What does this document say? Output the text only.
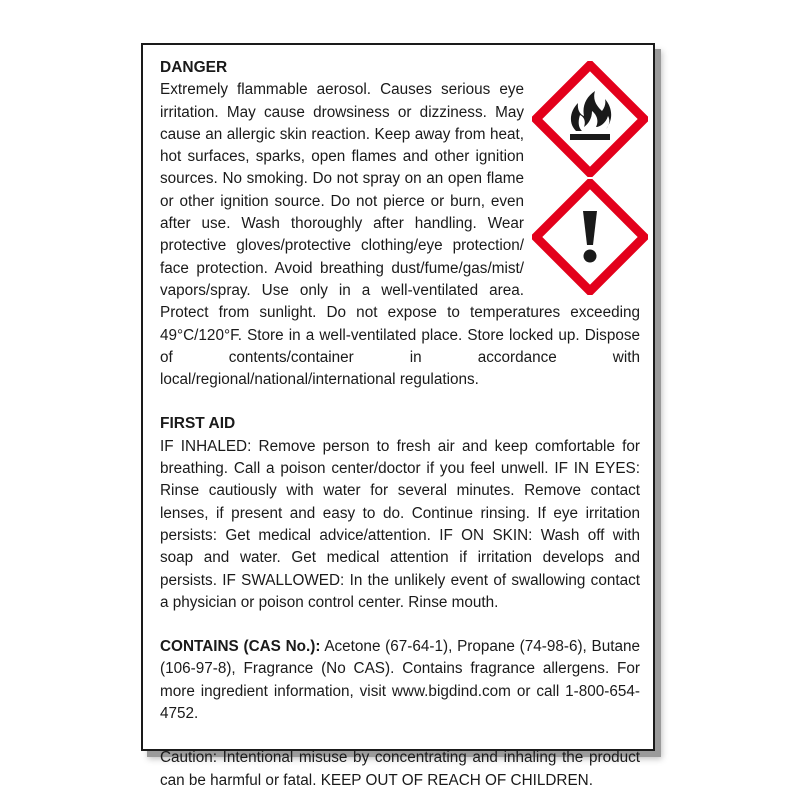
DANGER

Extremely flammable aerosol. Causes serious eye irritation. May cause drowsiness or dizziness. May cause an allergic skin reaction. Keep away from heat, hot surfaces, sparks, open flames and other ignition sources. No smoking. Do not spray on an open flame or other ignition source. Do not pierce or burn, even after use. Wash thoroughly after handling. Wear protective gloves/protective clothing/eye protection/ face protection. Avoid breathing dust/fume/gas/mist/ vapors/spray. Use only in a well-ventilated area. Protect from sunlight. Do not expose to temperatures exceeding 49°C/120°F. Store in a well-ventilated place. Store locked up. Dispose of contents/container in accordance with local/regional/national/international regulations.

FIRST AID

IF INHALED: Remove person to fresh air and keep comfortable for breathing. Call a poison center/doctor if you feel unwell. IF IN EYES: Rinse cautiously with water for several minutes. Remove contact lenses, if present and easy to do. Continue rinsing. If eye irritation persists: Get medical advice/attention. IF ON SKIN: Wash off with soap and water. Get medical attention if irritation develops and persists. IF SWALLOWED: In the unlikely event of swallowing contact a physician or poison control center. Rinse mouth.

CONTAINS (CAS No.): Acetone (67-64-1), Propane (74-98-6), Butane (106-97-8), Fragrance (No CAS). Contains fragrance allergens. For more ingredient information, visit www.bigdind.com or call 1-800-654-4752.

Caution: Intentional misuse by concentrating and inhaling the product can be harmful or fatal. KEEP OUT OF REACH OF CHILDREN.
